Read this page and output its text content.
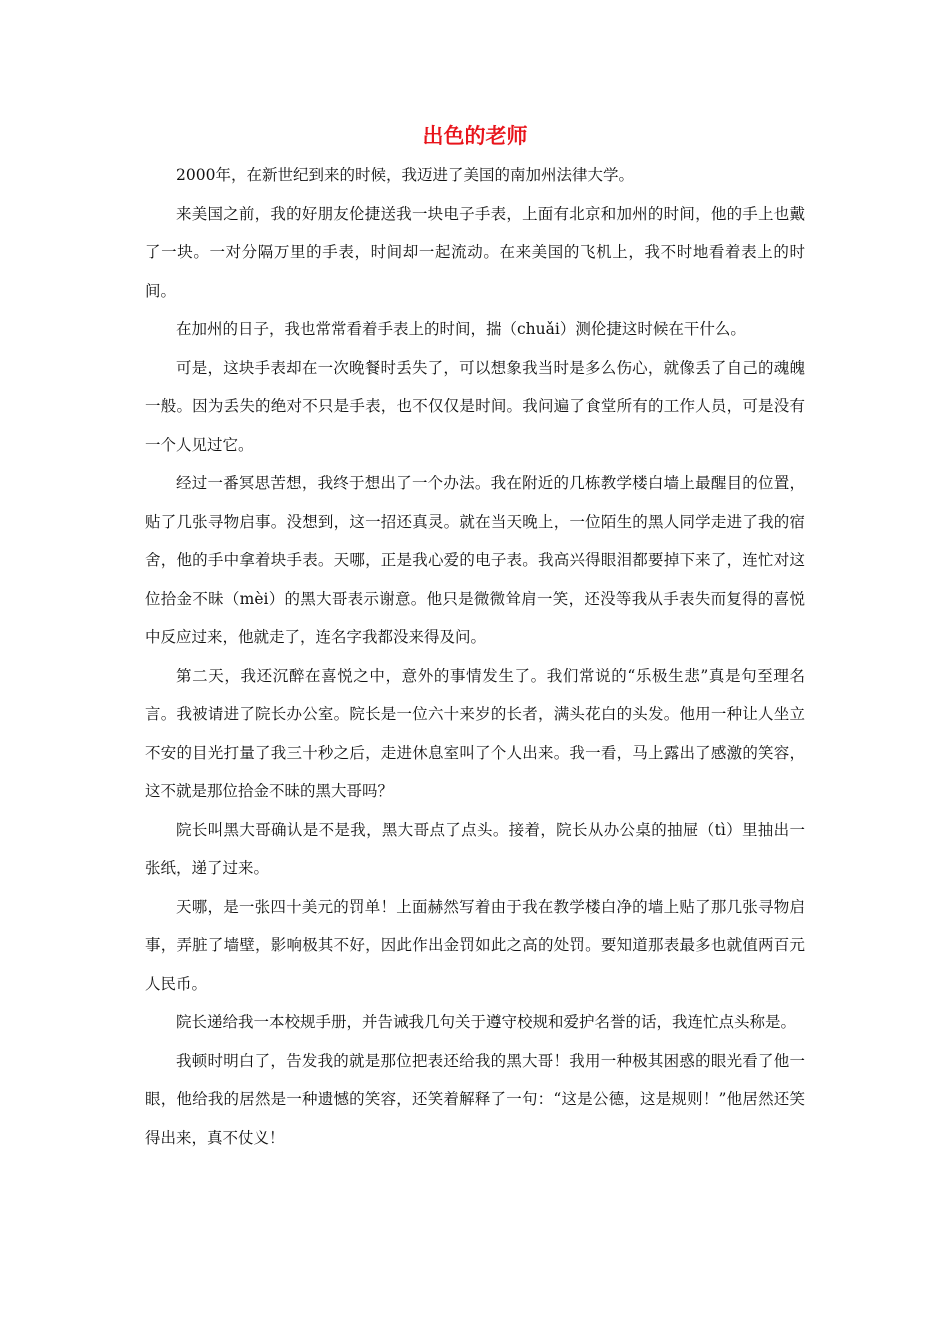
出色的老师

2000年，在新世纪到来的时候，我迈进了美国的南加州法律大学。

来美国之前，我的好朋友伦捷送我一块电子手表，上面有北京和加州的时间，他的手上也戴了一块。一对分隔万里的手表，时间却一起流动。在来美国的飞机上，我不时地看着表上的时间。

在加州的日子，我也常常看着手表上的时间，揣（chuǎi）测伦捷这时候在干什么。

可是，这块手表却在一次晚餐时丢失了，可以想象我当时是多么伤心，就像丢了自己的魂魄一般。因为丢失的绝对不只是手表，也不仅仅是时间。我问遍了食堂所有的工作人员，可是没有一个人见过它。

经过一番冥思苦想，我终于想出了一个办法。我在附近的几栋教学楼白墙上最醒目的位置，贴了几张寻物启事。没想到，这一招还真灵。就在当天晚上，一位陌生的黑人同学走进了我的宿舍，他的手中拿着块手表。天哪，正是我心爱的电子表。我高兴得眼泪都要掉下来了，连忙对这位拾金不昧（mèi）的黑大哥表示谢意。他只是微微耸肩一笑，还没等我从手表失而复得的喜悦中反应过来，他就走了，连名字我都没来得及问。

第二天，我还沉醉在喜悦之中，意外的事情发生了。我们常说的“乐极生悲”真是句至理名言。我被请进了院长办公室。院长是一位六十来岁的长者，满头花白的头发。他用一种让人坐立不安的目光打量了我三十秒之后，走进休息室叫了个人出来。我一看，马上露出了感激的笑容，这不就是那位拾金不昧的黑大哥吗？

院长叫黑大哥确认是不是我，黑大哥点了点头。接着，院长从办公桌的抽屉（tì）里抽出一张纸，递了过来。

天哪，是一张四十美元的罚单！上面赫然写着由于我在教学楼白净的墙上贴了那几张寻物启事，弄脏了墙壁，影响极其不好，因此作出金罚如此之高的处罚。要知道那表最多也就值两百元人民币。

院长递给我一本校规手册，并告诫我几句关于遵守校规和爱护名誉的话，我连忙点头称是。

我顿时明白了，告发我的就是那位把表还给我的黑大哥！我用一种极其困惑的眼光看了他一眼，他给我的居然是一种遗憾的笑容，还笑着解释了一句：“这是公德，这是规则！”他居然还笑得出来，真不仗义！
